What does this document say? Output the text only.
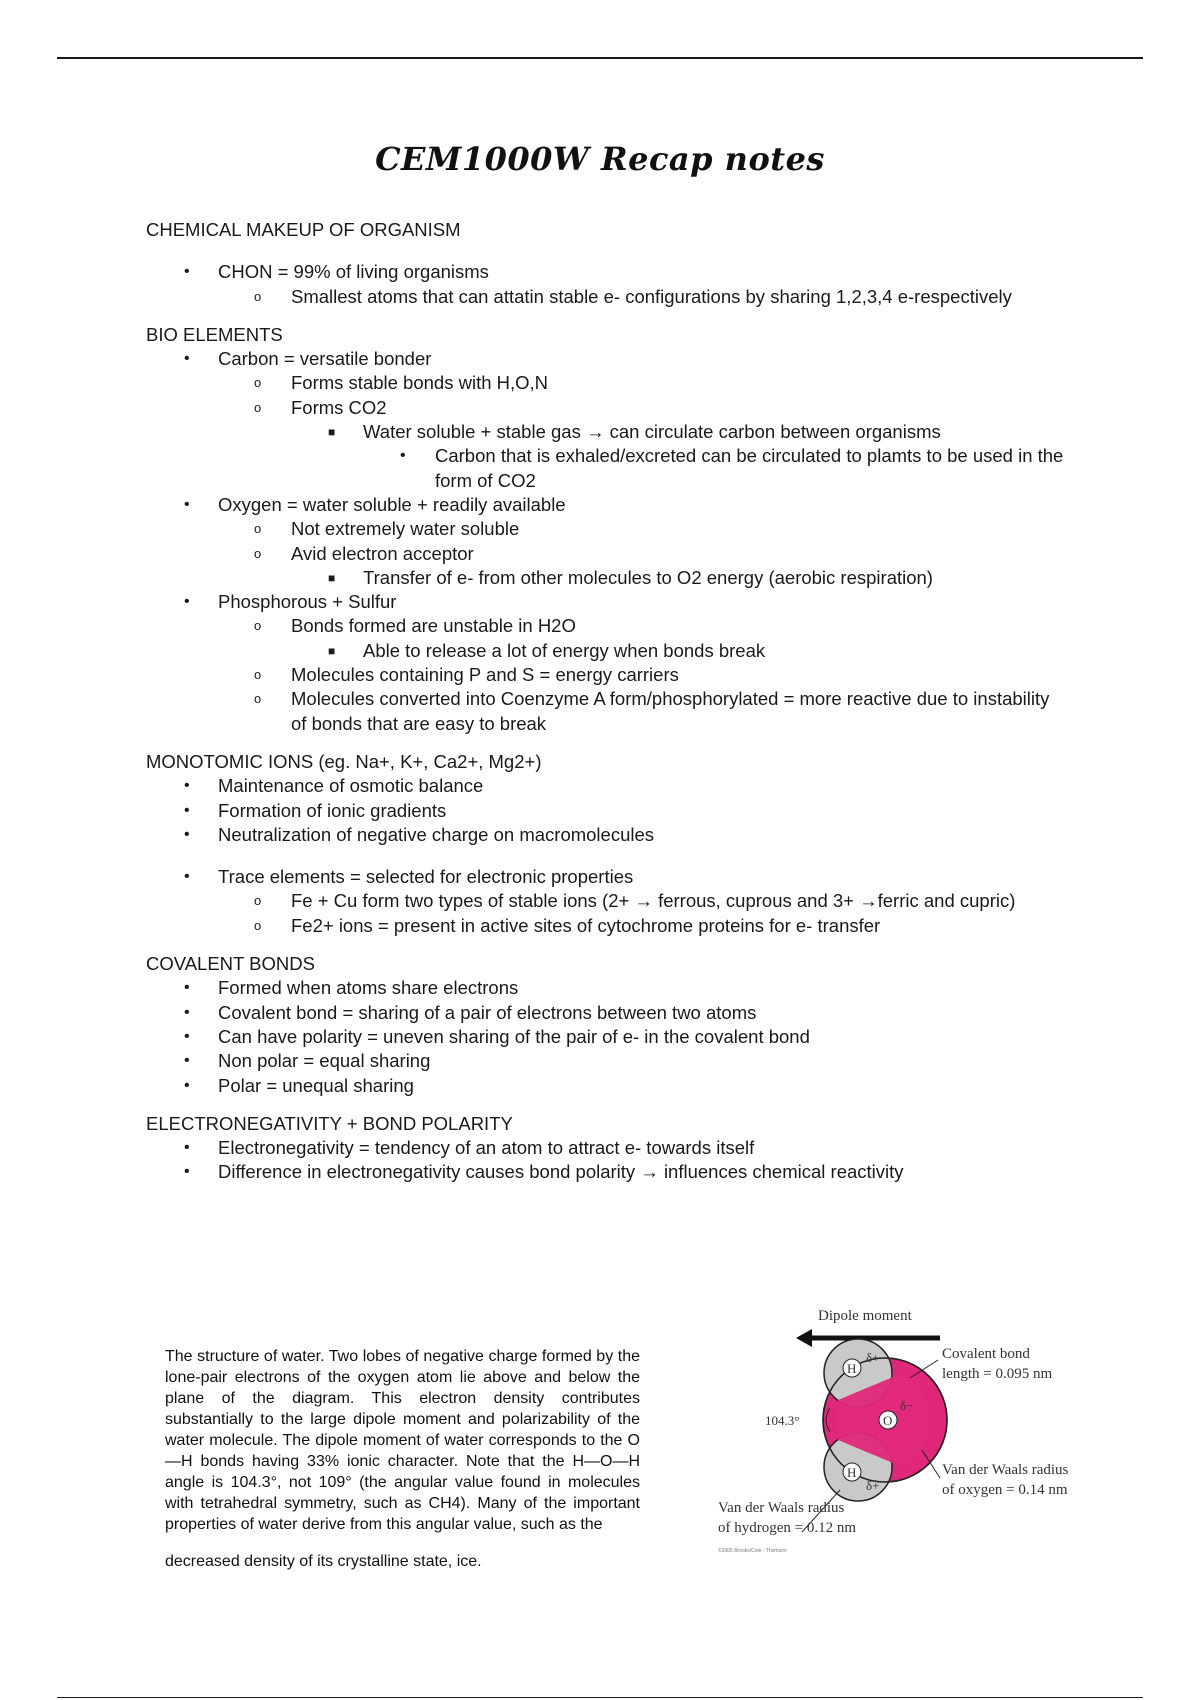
CEM1000W Recap notes

CHEMICAL MAKEUP OF ORGANISM

• CHON = 99% of living organisms
o Smallest atoms that can attatin stable e- configurations by sharing 1,2,3,4 e-respectively

BIO ELEMENTS

• Carbon = versatile bonder
o Forms stable bonds with H,O,N
o Forms CO2
■ Water soluble + stable gas → can circulate carbon between organisms
• Carbon that is exhaled/excreted can be circulated to plamts to be used in the form of CO2
• Oxygen = water soluble + readily available
o Not extremely water soluble
o Avid electron acceptor
■ Transfer of e- from other molecules to O2 energy (aerobic respiration)
• Phosphorous + Sulfur
o Bonds formed are unstable in H2O
■ Able to release a lot of energy when bonds break
o Molecules containing P and S = energy carriers
o Molecules converted into Coenzyme A form/phosphorylated = more reactive due to instability of bonds that are easy to break

MONOTOMIC IONS (eg. Na+, K+, Ca2+, Mg2+)

• Maintenance of osmotic balance
• Formation of ionic gradients
• Neutralization of negative charge on macromolecules
• Trace elements = selected for electronic properties
o Fe + Cu form two types of stable ions (2+ → ferrous, cuprous and 3+ →ferric and cupric)
o Fe2+ ions = present in active sites of cytochrome proteins for e- transfer

COVALENT BONDS

• Formed when atoms share electrons
• Covalent bond = sharing of a pair of electrons between two atoms
• Can have polarity = uneven sharing of the pair of e- in the covalent bond
• Non polar = equal sharing
• Polar = unequal sharing

ELECTRONEGATIVITY + BOND POLARITY

• Electronegativity = tendency of an atom to attract e- towards itself
• Difference in electronegativity causes bond polarity → influences chemical reactivity
The structure of water. Two lobes of negative charge formed by the lone-pair electrons of the oxygen atom lie above and below the plane of the diagram. This electron density contributes substantially to the large dipole moment and polarizability of the water molecule. The dipole moment of water corresponds to the O—H bonds having 33% ionic character. Note that the H—O—H angle is 104.3°, not 109° (the angular value found in molecules with tetrahedral symmetry, such as CH4). Many of the important properties of water derive from this angular value, such as the
decreased density of its crystalline state, ice.
Dipole moment
H
δ+
H
δ+
O
δ−
104.3°
Covalent bond
length = 0.095 nm
Van der Waals radius
of oxygen = 0.14 nm
Van der Waals radius
of hydrogen = 0.12 nm
©2005 Brooks/Cole - Thomson
